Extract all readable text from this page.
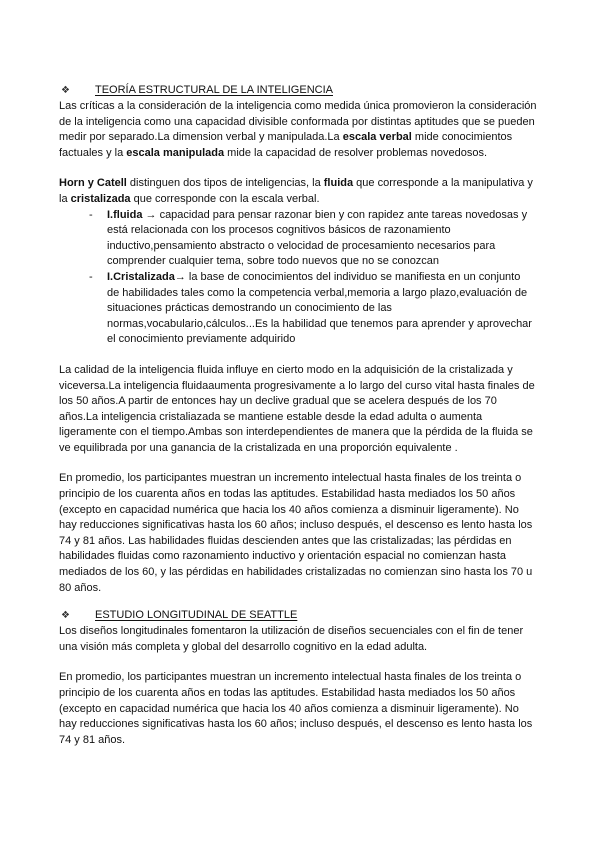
❖	TEORÍA ESTRUCTURAL DE LA INTELIGENCIA

Las críticas a la consideración de la inteligencia como medida única promovieron la consideración de la inteligencia como una capacidad divisible conformada por distintas aptitudes que se pueden medir por separado.La dimension verbal y manipulada.La escala verbal mide conocimientos factuales y la escala manipulada mide la capacidad de resolver problemas novedosos.

Horn y Catell distinguen dos tipos de inteligencias, la fluida que corresponde a la manipulativa y la cristalizada que corresponde con la escala verbal.

- I.fluida → capacidad para pensar razonar bien y con rapidez ante tareas novedosas y está relacionada con los procesos cognitivos básicos de razonamiento inductivo,pensamiento abstracto o velocidad de procesamiento necesarios para comprender cualquier tema, sobre todo nuevos que no se conozcan
- I.Cristalizada→ la base de conocimientos del individuo se manifiesta en un conjunto de habilidades tales como la competencia verbal,memoria a largo plazo,evaluación de situaciones prácticas demostrando un conocimiento de las normas,vocabulario,cálculos...Es la habilidad que tenemos para aprender y aprovechar el conocimiento previamente adquirido

La calidad de la inteligencia fluida influye en cierto modo en la adquisición de la cristalizada y viceversa.La inteligencia fluidaaumenta progresivamente a lo largo del curso vital hasta finales de los 50 años.A partir de entonces hay un declive gradual que se acelera después de los 70 años.La inteligencia cristaliazada se mantiene estable desde la edad adulta o aumenta ligeramente con el tiempo.Ambas son interdependientes de manera que la pérdida de la fluida se ve equilibrada por una ganancia de la cristalizada en una proporción equivalente .

En promedio, los participantes muestran un incremento intelectual hasta finales de los treinta o principio de los cuarenta años en todas las aptitudes. Estabilidad hasta mediados los 50 años (excepto en capacidad numérica que hacia los 40 años comienza a disminuir ligeramente). No hay reducciones significativas hasta los 60 años; incluso después, el descenso es lento hasta los 74 y 81 años. Las habilidades fluidas descienden antes que las cristalizadas; las pérdidas en habilidades fluidas como razonamiento inductivo y orientación espacial no comienzan hasta mediados de los 60, y las pérdidas en habilidades cristalizadas no comienzan sino hasta los 70 u 80 años.

❖	ESTUDIO LONGITUDINAL DE SEATTLE

Los diseños longitudinales fomentaron la utilización de diseños secuenciales con el fin de tener una visión más completa y global del desarrollo cognitivo en la edad adulta.

En promedio, los participantes muestran un incremento intelectual hasta finales de los treinta o principio de los cuarenta años en todas las aptitudes. Estabilidad hasta mediados los 50 años (excepto en capacidad numérica que hacia los 40 años comienza a disminuir ligeramente). No hay reducciones significativas hasta los 60 años; incluso después, el descenso es lento hasta los 74 y 81 años.
